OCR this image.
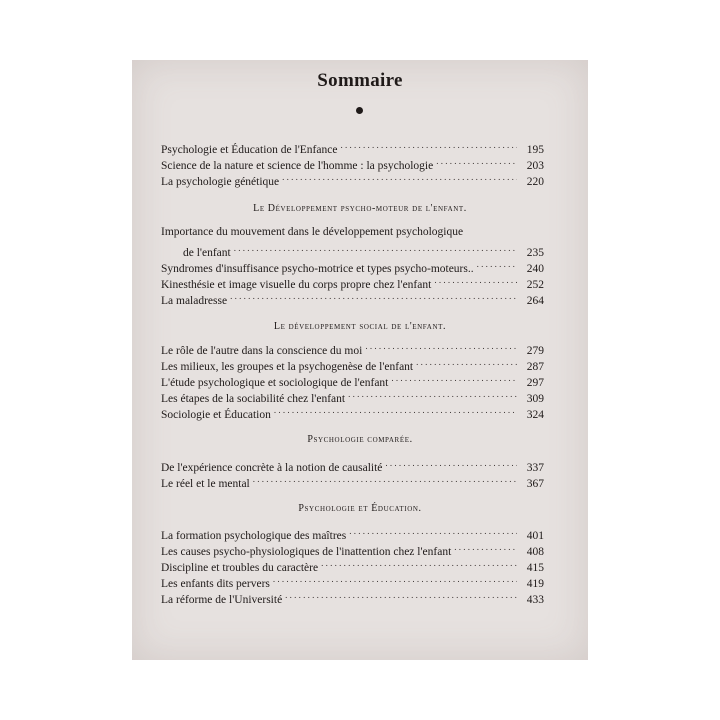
Sommaire
Psychologie et Éducation de l'Enfance . . .	195
Science de la nature et science de l'homme : la psychologie . . .	203
La psychologie génétique . . .	220
Le Développement psycho-moteur de l'enfant.
Importance du mouvement dans le développement psychologique
de l'enfant . . .	235
Syndromes d'insuffisance psycho-motrice et types psycho-moteurs.. . . .	240
Kinesthésie et image visuelle du corps propre chez l'enfant . . .	252
La maladresse . . .	264
Le développement social de l'enfant.
Le rôle de l'autre dans la conscience du moi . . .	279
Les milieux, les groupes et la psychogenèse de l'enfant . . .	287
L'étude psychologique et sociologique de l'enfant . . .	297
Les étapes de la sociabilité chez l'enfant . . .	309
Sociologie et Éducation . . .	324
Psychologie comparée.
De l'expérience concrète à la notion de causalité . . .	337
Le réel et le mental . . .	367
Psychologie et Éducation.
La formation psychologique des maîtres . . .	401
Les causes psycho-physiologiques de l'inattention chez l'enfant . . .	408
Discipline et troubles du caractère . . .	415
Les enfants dits pervers . . .	419
La réforme de l'Université . . .	433
